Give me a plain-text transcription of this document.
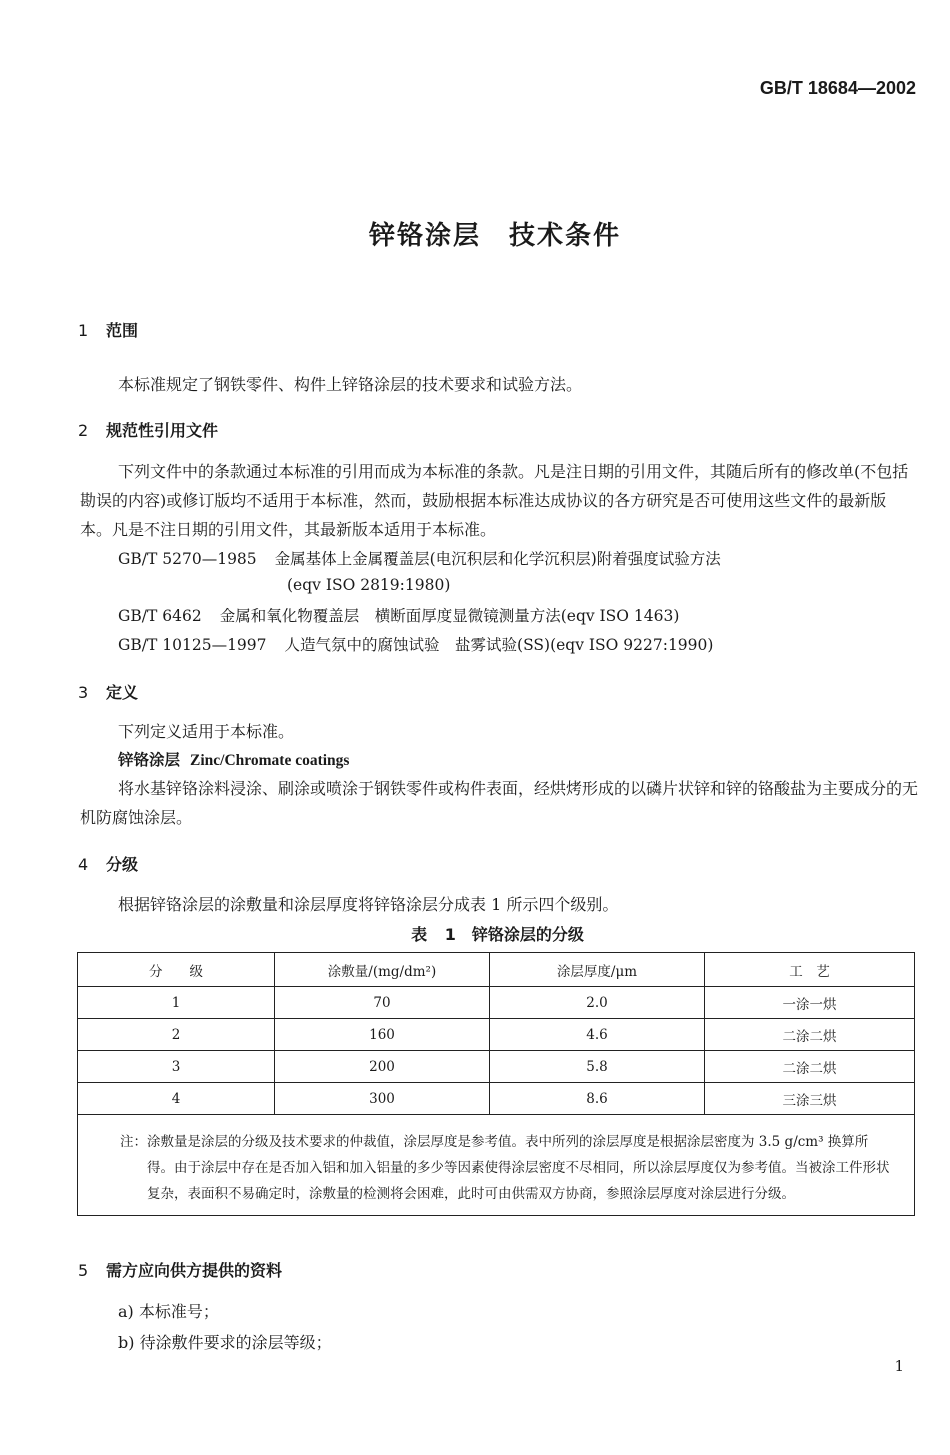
GB/T 18684—2002
锌铬涂层　技术条件
1 范围
本标准规定了钢铁零件、构件上锌铬涂层的技术要求和试验方法。
2 规范性引用文件
下列文件中的条款通过本标准的引用而成为本标准的条款。凡是注日期的引用文件，其随后所有的修改单(不包括勘误的内容)或修订版均不适用于本标准，然而，鼓励根据本标准达成协议的各方研究是否可使用这些文件的最新版本。凡是不注日期的引用文件，其最新版本适用于本标准。
GB/T 5270—1985 金属基体上金属覆盖层(电沉积层和化学沉积层)附着强度试验方法
(eqv ISO 2819:1980)
GB/T 6462 金属和氧化物覆盖层　横断面厚度显微镜测量方法(eqv ISO 1463)
GB/T 10125—1997 人造气氛中的腐蚀试验　盐雾试验(SS)(eqv ISO 9227:1990)
3 定义
下列定义适用于本标准。
锌铬涂层 Zinc/Chromate coatings
将水基锌铬涂料浸涂、刷涂或喷涂于钢铁零件或构件表面，经烘烤形成的以磷片状锌和锌的铬酸盐为主要成分的无机防腐蚀涂层。
4 分级
根据锌铬涂层的涂敷量和涂层厚度将锌铬涂层分成表 1 所示四个级别。
表 1　锌铬涂层的分级
分　　级	涂敷量/(mg/dm²)	涂层厚度/μm	工　艺
1	70	2.0	一涂一烘
2	160	4.6	二涂二烘
3	200	5.8	二涂二烘
4	300	8.6	三涂三烘

注： 涂敷量是涂层的分级及技术要求的仲裁值，涂层厚度是参考值。表中所列的涂层厚度是根据涂层密度为 3.5 g/cm³ 换算所得。由于涂层中存在是否加入铝和加入铝量的多少等因素使得涂层密度不尽相同，所以涂层厚度仅为参考值。当被涂工件形状复杂，表面积不易确定时，涂敷量的检测将会困难，此时可由供需双方协商，参照涂层厚度对涂层进行分级。			
5 需方应向供方提供的资料
a) 本标准号；
b) 待涂敷件要求的涂层等级；
1
